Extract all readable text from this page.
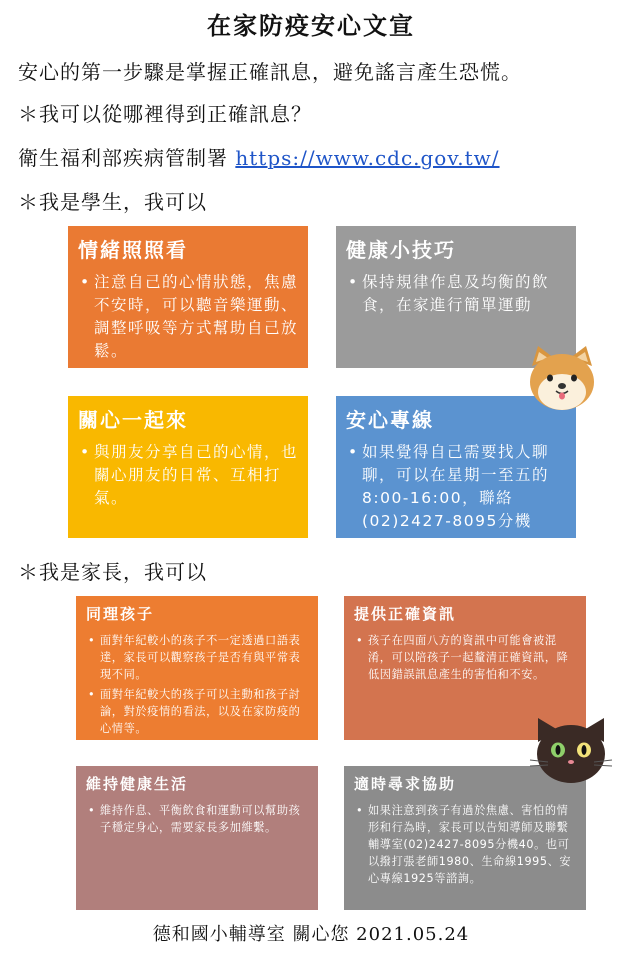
在家防疫安心文宣
安心的第一步驟是掌握正確訊息，避免謠言產生恐慌。
＊我可以從哪裡得到正確訊息？
衛生福利部疾病管制署 https://www.cdc.gov.tw/
＊我是學生，我可以
情緒照照看
• 注意自己的心情狀態，焦慮不安時，可以聽音樂運動、調整呼吸等方式幫助自己放鬆。
健康小技巧
• 保持規律作息及均衡的飲食，在家進行簡單運動
關心一起來
• 與朋友分享自己的心情，也關心朋友的日常、互相打氣。
安心專線
• 如果覺得自己需要找人聊聊，可以在星期一至五的8:00-16:00，聯絡(02)2427-8095分機40。
＊我是家長，我可以
同理孩子
• 面對年紀較小的孩子不一定透過口語表達，家長可以觀察孩子是否有與平常表現不同。
• 面對年紀較大的孩子可以主動和孩子討論，對於疫情的看法，以及在家防疫的心情等。
提供正確資訊
• 孩子在四面八方的資訊中可能會被混淆，可以陪孩子一起釐清正確資訊，降低因錯誤訊息產生的害怕和不安。
維持健康生活
• 維持作息、平衡飲食和運動可以幫助孩子穩定身心，需要家長多加維繫。
適時尋求協助
• 如果注意到孩子有過於焦慮、害怕的情形和行為時，家長可以告知導師及聯繫輔導室(02)2427-8095分機40。也可以撥打張老師1980、生命線1995、安心專線1925等諮詢。
德和國小輔導室 關心您 2021.05.24
